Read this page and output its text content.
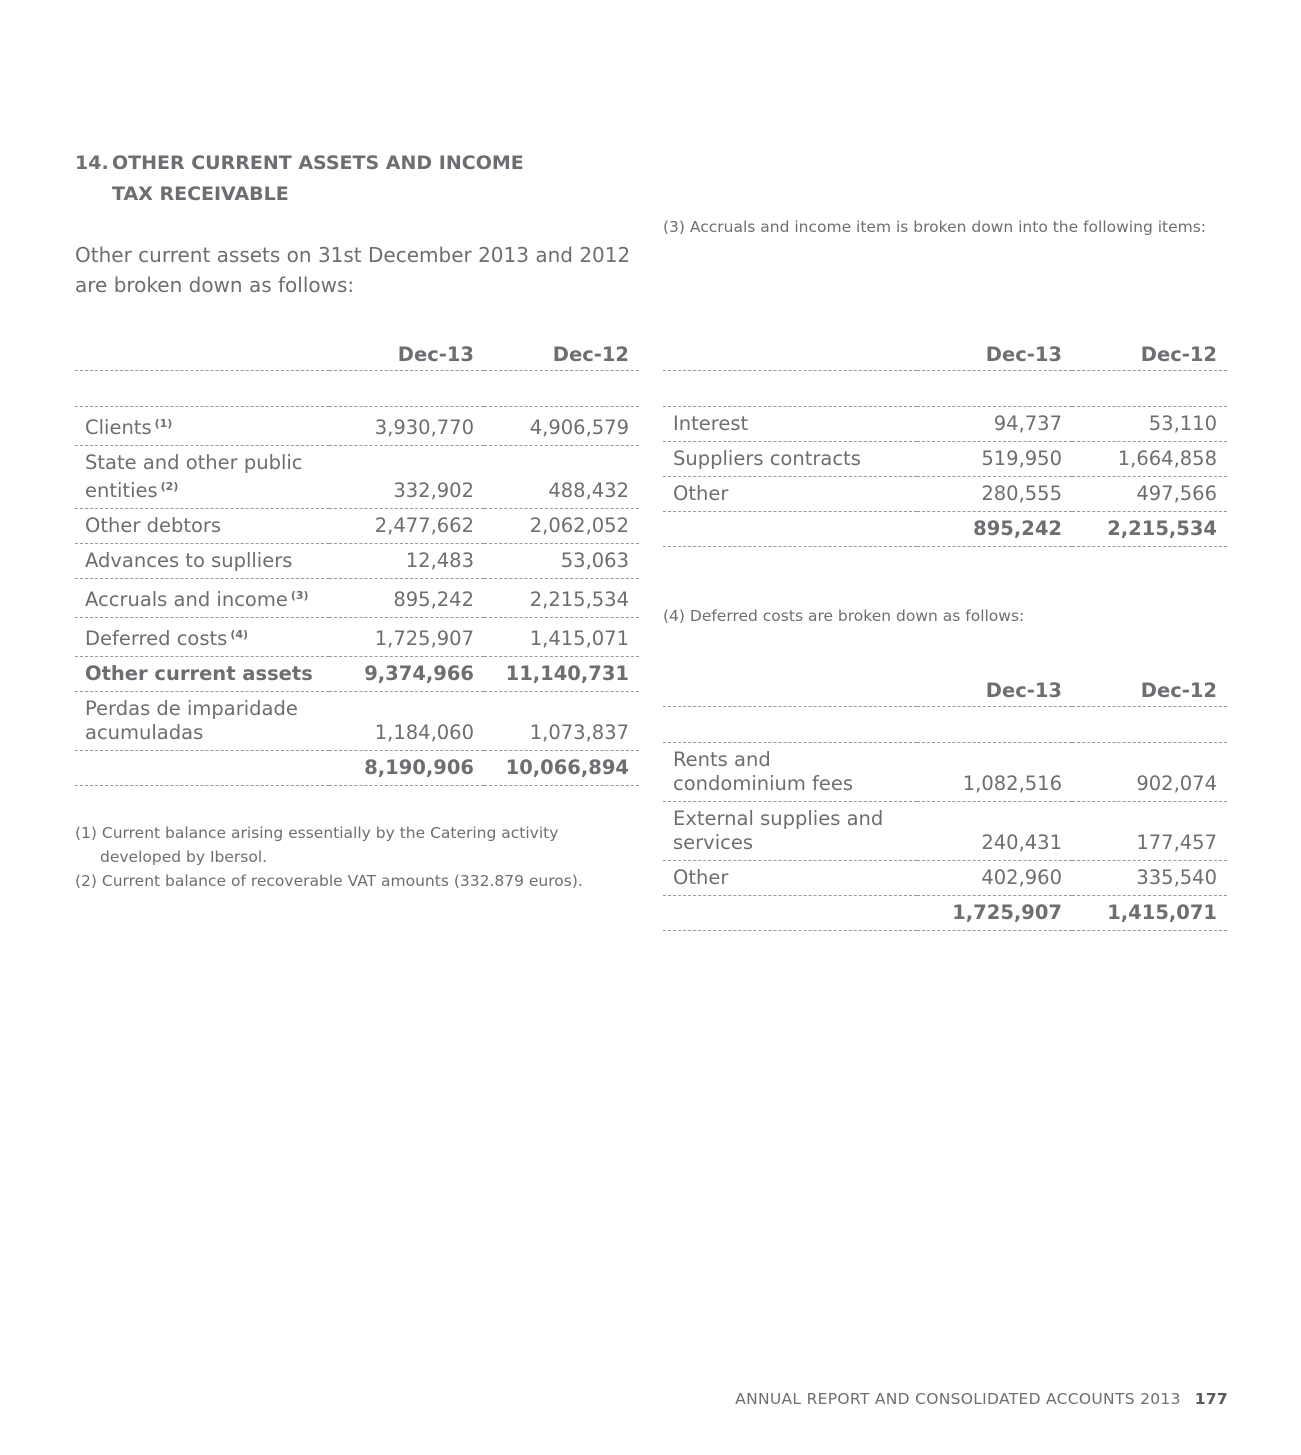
14. OTHER CURRENT ASSETS AND INCOME
TAX RECEIVABLE
Other current assets on 31st December 2013 and 2012 are broken down as follows:
	Dec-13	Dec-12

Clients $^{(1)}$	3,930,770	4,906,579
State and other public entities $^{(2)}$	332,902	488,432
Other debtors	2,477,662	2,062,052
Advances to suplliers	12,483	53,063
Accruals and income $^{(3)}$	895,242	2,215,534
Deferred costs $^{(4)}$	1,725,907	1,415,071
Other current assets	9,374,966	11,140,731
Perdas de imparidade acumuladas	1,184,060	1,073,837
	8,190,906	10,066,894
(1) Current balance arising essentially by the Catering activity
developed by Ibersol.
(2) Current balance of recoverable VAT amounts (332.879 euros).
(3) Accruals and income item is broken down into the following items:
	Dec-13	Dec-12

Interest	94,737	53,110
Suppliers contracts	519,950	1,664,858
Other	280,555	497,566
	895,242	2,215,534
(4) Deferred costs are broken down as follows:
	Dec-13	Dec-12

Rents and condominium fees	1,082,516	902,074
External supplies and services	240,431	177,457
Other	402,960	335,540
	1,725,907	1,415,071
ANNUAL REPORT AND CONSOLIDATED ACCOUNTS 2013 177
